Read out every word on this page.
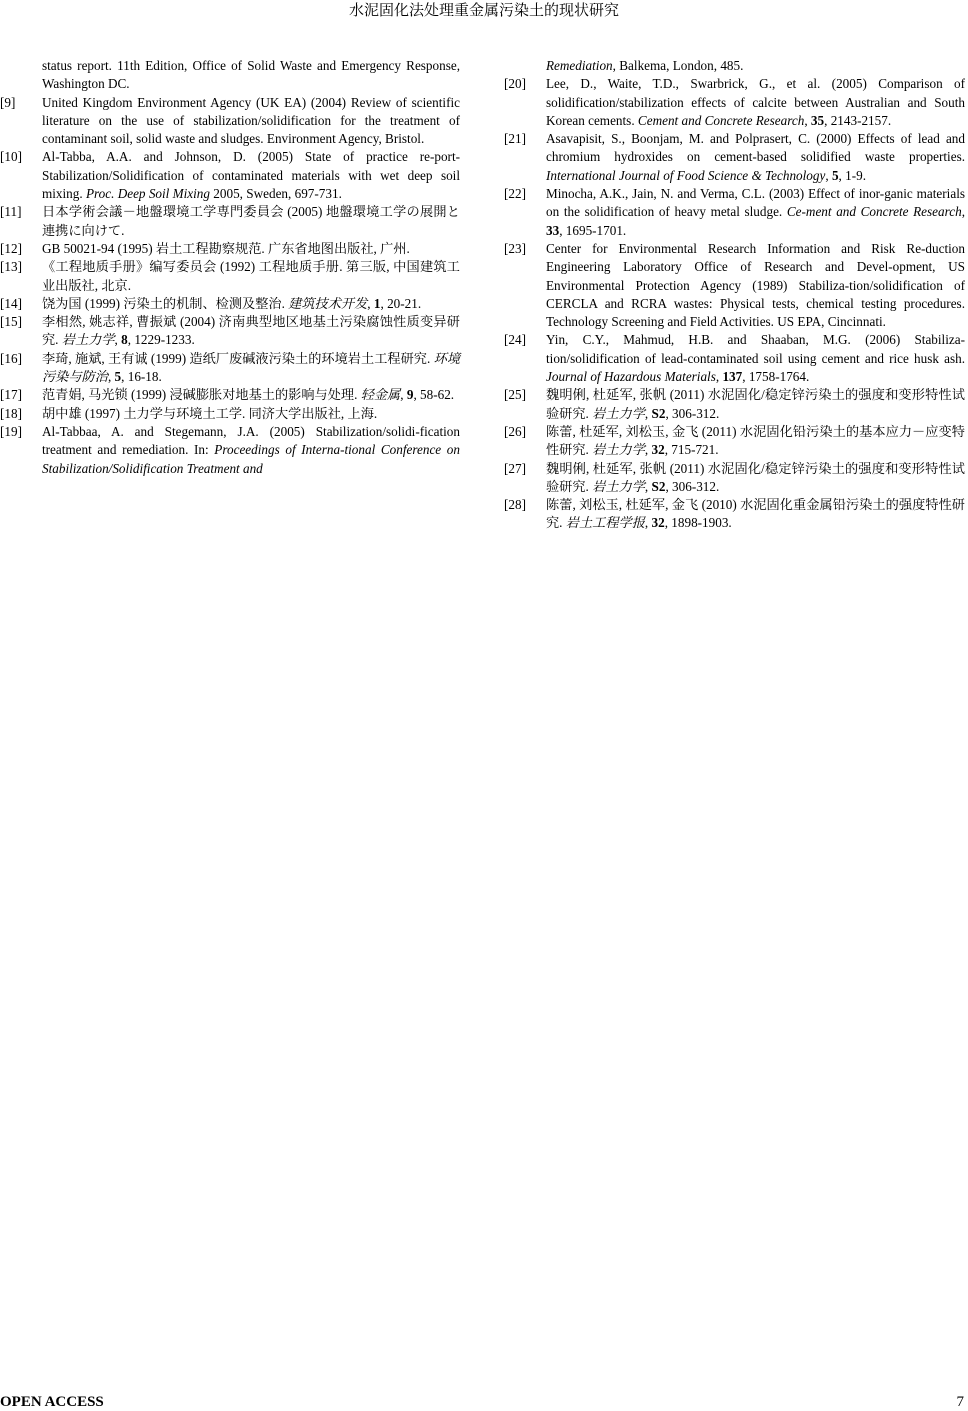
水泥固化法处理重金属污染土的现状研究
status report. 11th Edition, Office of Solid Waste and Emergency Response, Washington DC.
[9] United Kingdom Environment Agency (UK EA) (2004) Review of scientific literature on the use of stabilization/solidification for the treatment of contaminant soil, solid waste and sludges. Environment Agency, Bristol.
[10] Al-Tabba, A.A. and Johnson, D. (2005) State of practice re-port-Stabilization/Solidification of contaminated materials with wet deep soil mixing. Proc. Deep Soil Mixing 2005, Sweden, 697-731.
[11] 日本学術会議－地盤環境工学専門委員会 (2005) 地盤環境工学の展開と連携に向けて.
[12] GB 50021-94 (1995) 岩土工程勘察规范. 广东省地图出版社, 广州.
[13] 《工程地质手册》编写委员会 (1992) 工程地质手册. 第三版, 中国建筑工业出版社, 北京.
[14] 饶为国 (1999) 污染土的机制、检测及整治. 建筑技术开发, 1, 20-21.
[15] 李相然, 姚志祥, 曹振斌 (2004) 济南典型地区地基土污染腐蚀性质变异研究. 岩土力学, 8, 1229-1233.
[16] 李琦, 施斌, 王有诚 (1999) 造纸厂废碱液污染土的环境岩土工程研究. 环境污染与防治, 5, 16-18.
[17] 范青娟, 马光锁 (1999) 浸碱膨胀对地基土的影响与处理. 轻金属, 9, 58-62.
[18] 胡中雄 (1997) 土力学与环境土工学. 同济大学出版社, 上海.
[19] Al-Tabbaa, A. and Stegemann, J.A. (2005) Stabilization/solidi-fication treatment and remediation. In: Proceedings of Interna-tional Conference on Stabilization/Solidification Treatment and
Remediation, Balkema, London, 485.
[20] Lee, D., Waite, T.D., Swarbrick, G., et al. (2005) Comparison of solidification/stabilization effects of calcite between Australian and South Korean cements. Cement and Concrete Research, 35, 2143-2157.
[21] Asavapisit, S., Boonjam, M. and Polprasert, C. (2000) Effects of lead and chromium hydroxides on cement-based solidified waste properties. International Journal of Food Science & Technology, 5, 1-9.
[22] Minocha, A.K., Jain, N. and Verma, C.L. (2003) Effect of inor-ganic materials on the solidification of heavy metal sludge. Ce-ment and Concrete Research, 33, 1695-1701.
[23] Center for Environmental Research Information and Risk Re-duction Engineering Laboratory Office of Research and Devel-opment, US Environmental Protection Agency (1989) Stabiliza-tion/solidification of CERCLA and RCRA wastes: Physical tests, chemical testing procedures. Technology Screening and Field Activities. US EPA, Cincinnati.
[24] Yin, C.Y., Mahmud, H.B. and Shaaban, M.G. (2006) Stabiliza-tion/solidification of lead-contaminated soil using cement and rice husk ash. Journal of Hazardous Materials, 137, 1758-1764.
[25] 魏明俐, 杜延军, 张帆 (2011) 水泥固化/稳定锌污染土的强度和变形特性试验研究. 岩土力学, S2, 306-312.
[26] 陈蕾, 杜延军, 刘松玉, 金飞 (2011) 水泥固化铅污染土的基本应力－应变特性研究. 岩土力学, 32, 715-721.
[27] 魏明俐, 杜延军, 张帆 (2011) 水泥固化/稳定锌污染土的强度和变形特性试验研究. 岩土力学, S2, 306-312.
[28] 陈蕾, 刘松玉, 杜延军, 金飞 (2010) 水泥固化重金属铅污染土的强度特性研究. 岩土工程学报, 32, 1898-1903.
OPEN ACCESS	7
